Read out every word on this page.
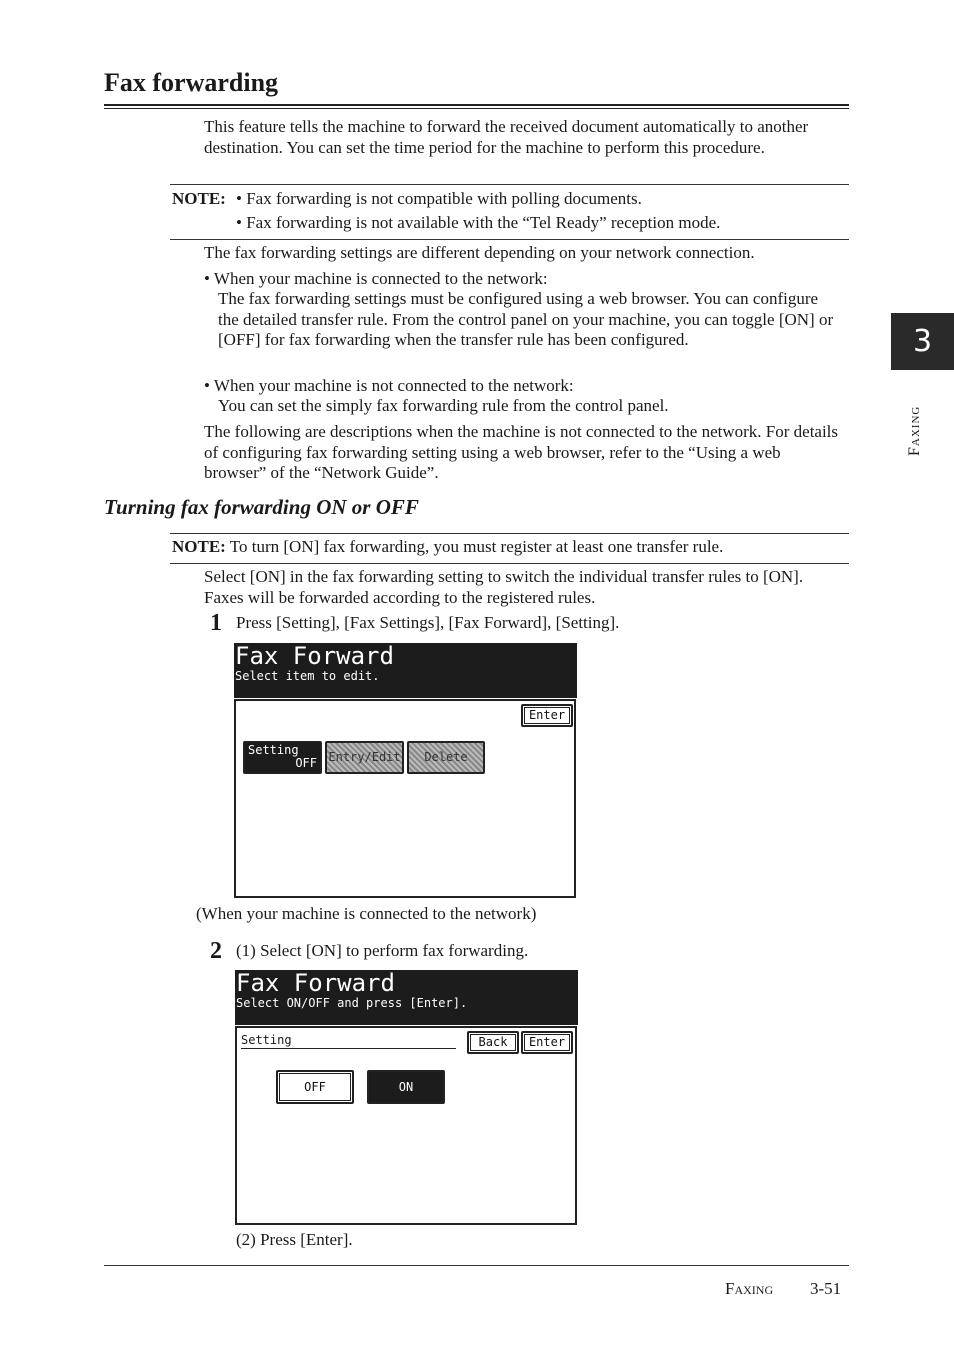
Fax forwarding
This feature tells the machine to forward the received document automatically to another destination. You can set the time period for the machine to perform this procedure.
NOTE: • Fax forwarding is not compatible with polling documents.
• Fax forwarding is not available with the “Tel Ready” reception mode.
The fax forwarding settings are different depending on your network connection.
• When your machine is connected to the network:
The fax forwarding settings must be configured using a web browser. You can configure the detailed transfer rule. From the control panel on your machine, you can toggle [ON] or [OFF] for fax forwarding when the transfer rule has been configured.
• When your machine is not connected to the network:
You can set the simply fax forwarding rule from the control panel.
The following are descriptions when the machine is not connected to the network. For details of configuring fax forwarding setting using a web browser, refer to the “Using a web browser” of the “Network Guide”.
Turning fax forwarding ON or OFF
NOTE: To turn [ON] fax forwarding, you must register at least one transfer rule.
Select [ON] in the fax forwarding setting to switch the individual transfer rules to [ON]. Faxes will be forwarded according to the registered rules.
1 Press [Setting], [Fax Settings], [Fax Forward], [Setting].
Fax Forward
Select item to edit.
Enter
Setting
OFF Entry/Edit	Delete
(When your machine is connected to the network)
2 (1) Select [ON] to perform fax forwarding.
Fax Forward
Select ON/OFF and press [Enter].
Setting	Back	Enter
OFF	ON
(2) Press [Enter].
3
Faxing
Faxing 3-51
